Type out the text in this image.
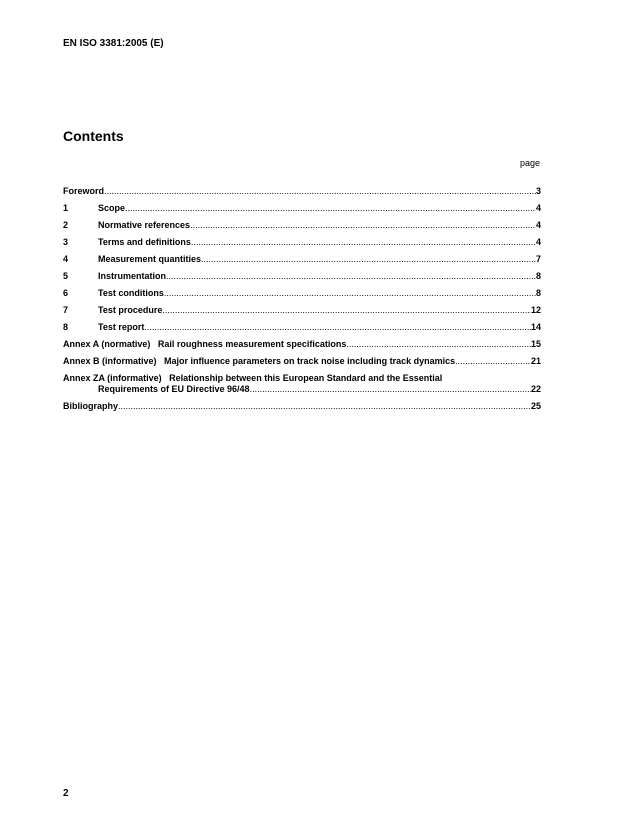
EN ISO 3381:2005 (E)
Contents
page
Foreword .....	3
1	Scope .....	4
2	Normative references .....	4
3	Terms and definitions .....	4
4	Measurement quantities .....	7
5	Instrumentation .....	8
6	Test conditions .....	8
7	Test procedure .....	12
8	Test report .....	14
Annex A (normative)   Rail roughness measurement specifications .....	15
Annex B (informative)   Major influence parameters on track noise including track dynamics .....	21
Annex ZA (informative)   Relationship between this European Standard and the Essential
Requirements of EU Directive 96/48 .....	22
Bibliography .....	25
2
